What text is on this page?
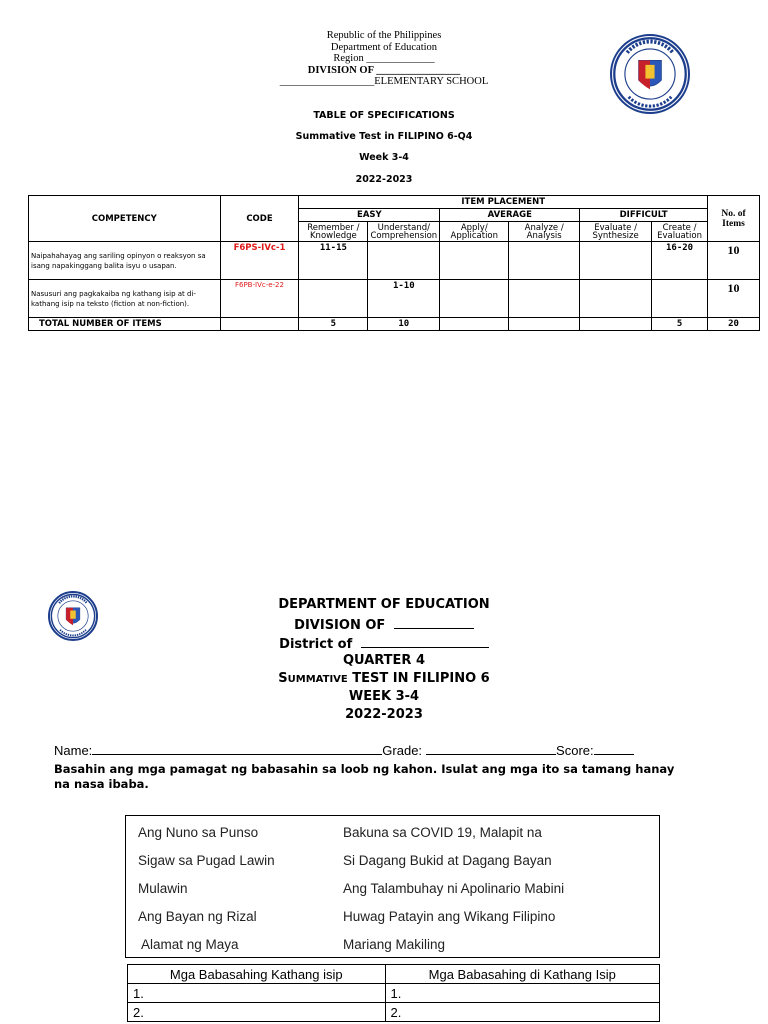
Republic of the Philippines
Department of Education
Region _____________
DIVISION OF ________________
__________________ELEMENTARY SCHOOL
TABLE OF SPECIFICATIONS
Summative Test in FILIPINO 6-Q4
Week 3-4
2022-2023
COMPETENCY	CODE	ITEM PLACEMENT						No. of Items
		EASY		AVERAGE		DIFFICULT		
		Remember / Knowledge	Understand/ Comprehension	Apply/ Application	Analyze / Analysis	Evaluate / Synthesize	Create / Evaluation	
Naipahahayag ang sariling opinyon o reaksyon sa isang napakinggang balita isyu o usapan.	F6PS-IVc-1	11-15					16-20	10
Nasusuri ang pagkakaiba ng kathang isip at di-kathang isip na teksto (fiction at non-fiction).	F6PB-IVc-e-22		1-10					10
TOTAL NUMBER OF ITEMS		5	10				5	20
DEPARTMENT OF EDUCATION
DIVISION OF
District of
QUARTER 4
SUMMATIVE TEST IN FILIPINO 6
WEEK 3-4
2022-2023
Name:	Grade:	Score:
Basahin ang mga pamagat ng babasahin sa loob ng kahon. Isulat ang mga ito sa tamang hanay na nasa ibaba.
Ang Nuno sa Punso	Bakuna sa COVID 19, Malapit na
Sigaw sa Pugad Lawin	Si Dagang Bukid at Dagang Bayan
Mulawin	Ang Talambuhay ni Apolinario Mabini
Ang Bayan ng Rizal	Huwag Patayin ang Wikang Filipino
Alamat ng Maya	Mariang Makiling
Mga Babasahing Kathang isip	Mga Babasahing di Kathang Isip
1.	1.
2.	2.
